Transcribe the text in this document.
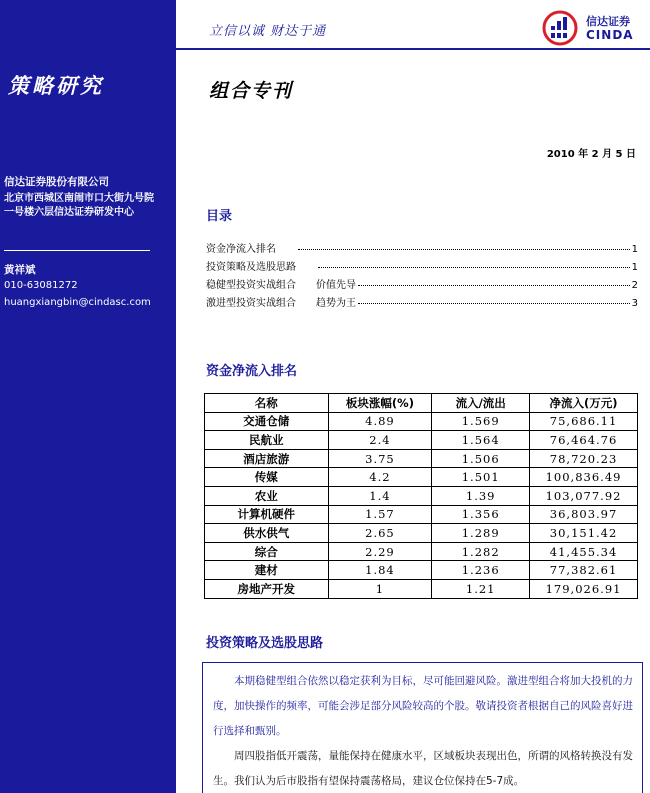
策略研究
信达证券股份有限公司
北京市西城区南闹市口大街九号院一号楼六层信达证券研发中心
黄祥斌
010-63081272
huangxiangbin@cindasc.com
立信以诚 财达于通
信达证券
CINDA
组合专刊
2010 年 2 月 5 日
目录
资金净流入排名	1
投资策略及选股思路	1
稳健型投资实战组合 价值先导	2
激进型投资实战组合 趋势为王	3
资金净流入排名
名称	板块涨幅(%)	流入/流出	净流入(万元)
交通仓储	4.89	1.569	75,686.11
民航业	2.4	1.564	76,464.76
酒店旅游	3.75	1.506	78,720.23
传媒	4.2	1.501	100,836.49
农业	1.4	1.39	103,077.92
计算机硬件	1.57	1.356	36,803.97
供水供气	2.65	1.289	30,151.42
综合	2.29	1.282	41,455.34
建材	1.84	1.236	77,382.61
房地产开发	1	1.21	179,026.91
投资策略及选股思路

本期稳健型组合依然以稳定获利为目标，尽可能回避风险。激进型组合将加大投机的力度，加快操作的频率，可能会涉足部分风险较高的个股。敬请投资者根据自己的风险喜好进行选择和甄别。

周四股指低开震荡，量能保持在健康水平，区域板块表现出色，所谓的风格转换没有发生。我们认为后市股指有望保持震荡格局，建议仓位保持在5-7成。
